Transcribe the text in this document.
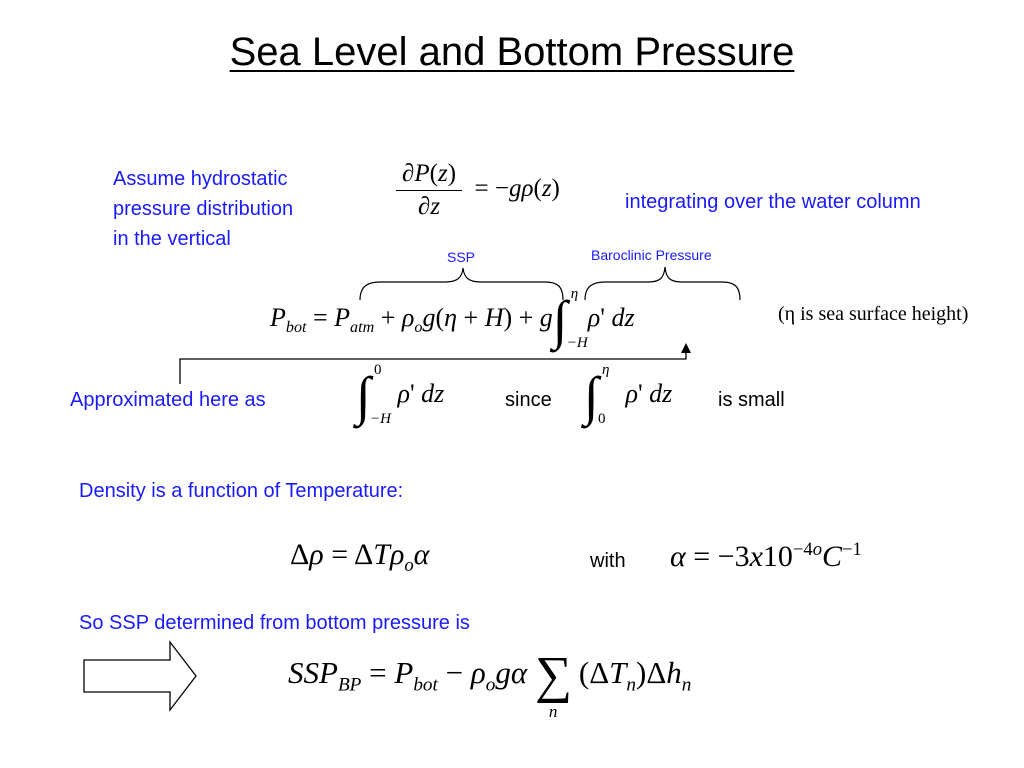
Sea Level and Bottom Pressure
Assume hydrostatic
pressure distribution
in the vertical
$\frac{\partial P(z)}{\partial z} = -g\rho(z)$	integrating over the water column
SSP	Baroclinic Pressure
$P_{bot} = P_{atm} + \rho_og(\eta + H) + g$ ∫ η
−H
ρ' dz	(η is sea surface height)
Approximated here as ∫ 0
−H
ρ' dz	since ∫ η
0
ρ' dz is small
Density is a function of Temperature:
Δρ = ΔTρ$_o$α	with $\alpha = -3x10^{-4o}C^{-1}$
So SSP determined from bottom pressure is
$SSP_{BP} = P_{bot} - \rho_og\alpha$ ∑
n
$(\Delta T_n)\Delta h_n$
